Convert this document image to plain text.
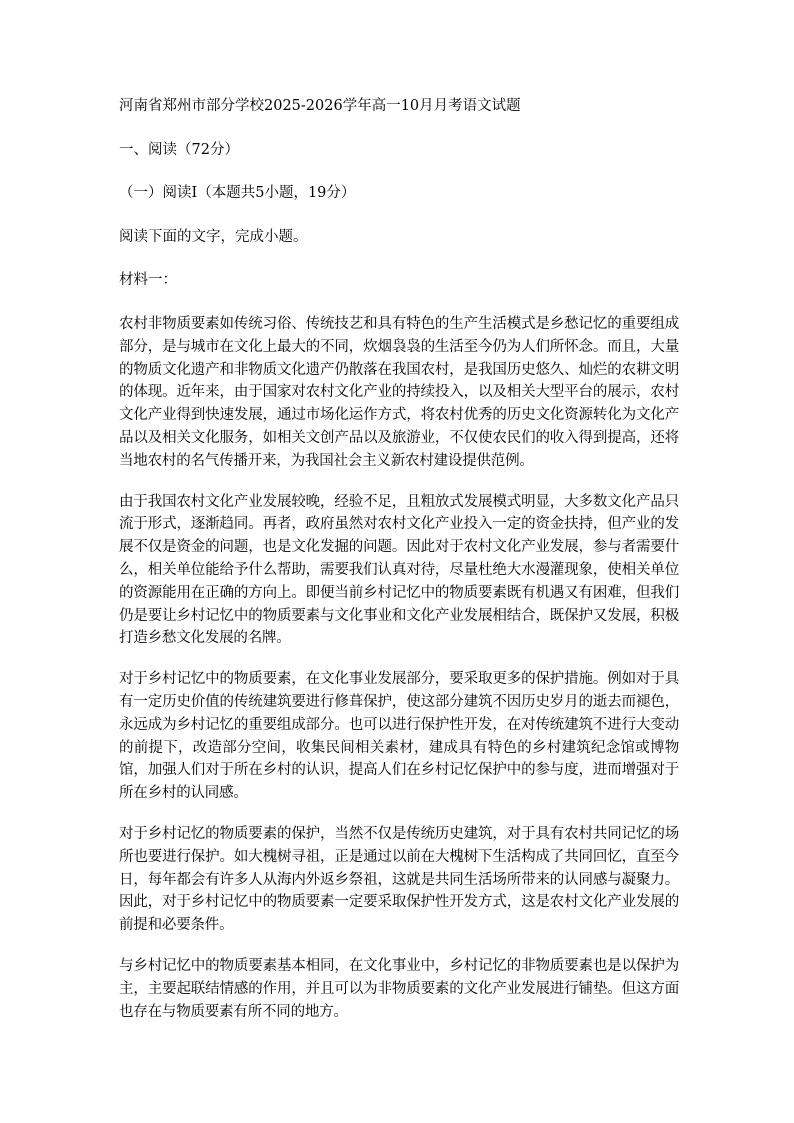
河南省郑州市部分学校2025-2026学年高一10月月考语文试题

一、阅读（72分）

（一）阅读Ⅰ（本题共5小题，19分）

阅读下面的文字，完成小题。

材料一：

农村非物质要素如传统习俗、传统技艺和具有特色的生产生活模式是乡愁记忆的重要组成部分，是与城市在文化上最大的不同，炊烟袅袅的生活至今仍为人们所怀念。而且，大量的物质文化遗产和非物质文化遗产仍散落在我国农村，是我国历史悠久、灿烂的农耕文明的体现。近年来，由于国家对农村文化产业的持续投入，以及相关大型平台的展示，农村文化产业得到快速发展，通过市场化运作方式，将农村优秀的历史文化资源转化为文化产品以及相关文化服务，如相关文创产品以及旅游业，不仅使农民们的收入得到提高，还将当地农村的名气传播开来，为我国社会主义新农村建设提供范例。

由于我国农村文化产业发展较晚，经验不足，且粗放式发展模式明显，大多数文化产品只流于形式，逐渐趋同。再者，政府虽然对农村文化产业投入一定的资金扶持，但产业的发展不仅是资金的问题，也是文化发掘的问题。因此对于农村文化产业发展，参与者需要什么，相关单位能给予什么帮助，需要我们认真对待，尽量杜绝大水漫灌现象，使相关单位的资源能用在正确的方向上。即便当前乡村记忆中的物质要素既有机遇又有困难，但我们仍是要让乡村记忆中的物质要素与文化事业和文化产业发展相结合，既保护又发展，积极打造乡愁文化发展的名牌。

对于乡村记忆中的物质要素，在文化事业发展部分，要采取更多的保护措施。例如对于具有一定历史价值的传统建筑要进行修葺保护，使这部分建筑不因历史岁月的逝去而褪色，永远成为乡村记忆的重要组成部分。也可以进行保护性开发，在对传统建筑不进行大变动的前提下，改造部分空间，收集民间相关素材，建成具有特色的乡村建筑纪念馆或博物馆，加强人们对于所在乡村的认识，提高人们在乡村记忆保护中的参与度，进而增强对于所在乡村的认同感。

对于乡村记忆的物质要素的保护，当然不仅是传统历史建筑，对于具有农村共同记忆的场所也要进行保护。如大槐树寻祖，正是通过以前在大槐树下生活构成了共同回忆，直至今日，每年都会有许多人从海内外返乡祭祖，这就是共同生活场所带来的认同感与凝聚力。因此，对于乡村记忆中的物质要素一定要采取保护性开发方式，这是农村文化产业发展的前提和必要条件。

与乡村记忆中的物质要素基本相同，在文化事业中，乡村记忆的非物质要素也是以保护为主，主要起联结情感的作用，并且可以为非物质要素的文化产业发展进行铺垫。但这方面也存在与物质要素有所不同的地方。
